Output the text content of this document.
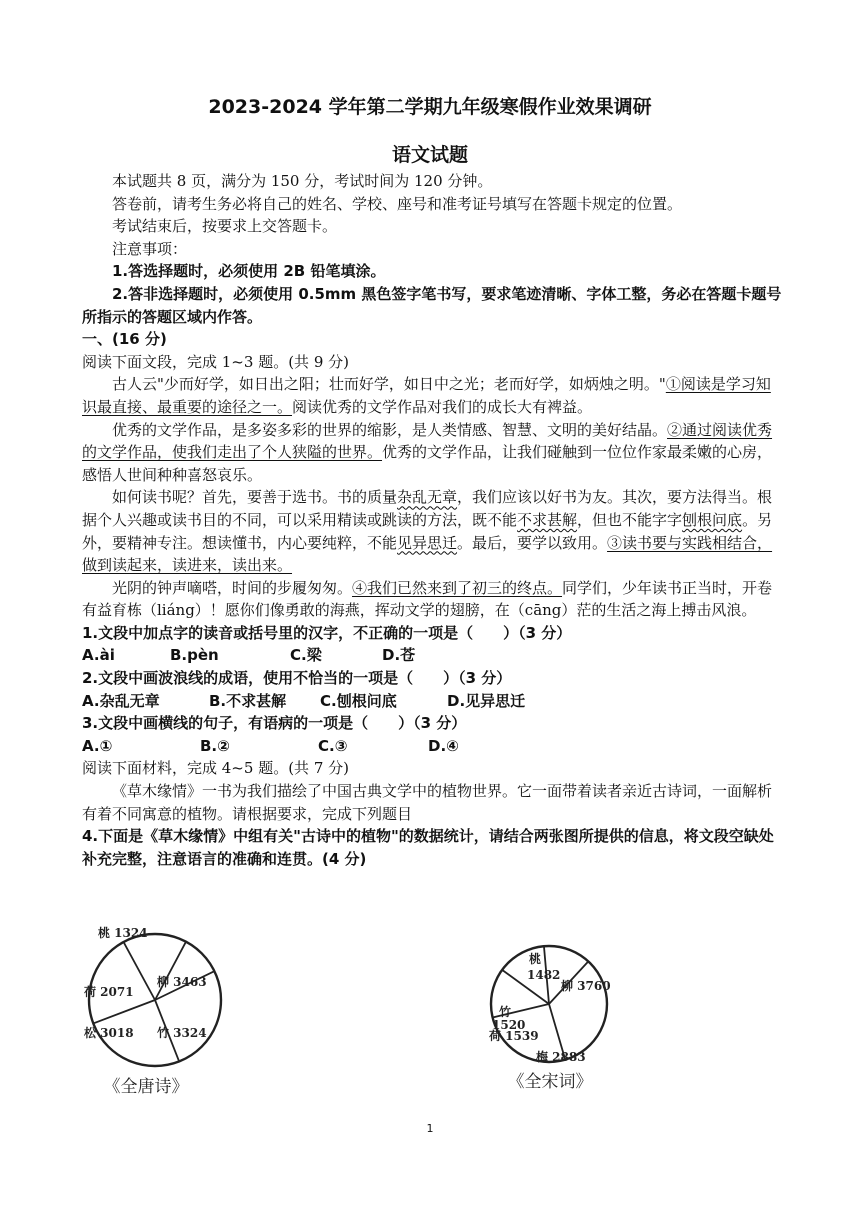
2023-2024 学年第二学期九年级寒假作业效果调研
语文试题

本试题共 8 页，满分为 150 分，考试时间为 120 分钟。

答卷前，请考生务必将自己的姓名、学校、座号和准考证号填写在答题卡规定的位置。

考试结束后，按要求上交答题卡。

注意事项：

1.答选择题时，必须使用 2B 铅笔填涂。

2.答非选择题时，必须使用 0.5mm 黑色签字笔书写，要求笔迹清晰、字体工整，务必在答题卡题号所指示的答题区域内作答。

一、(16 分)

阅读下面文段，完成 1~3 题。(共 9 分)

古人云"少而好学，如日出之阳；壮而好学，如日中之光；老而好学，如炳烛之明。"①阅读是学习知识最直接、最重要的途径之一。阅读优秀的文学作品对我们的成长大有裨益。

优秀的文学作品，是多姿多彩的世界的缩影，是人类情感、智慧、文明的美好结晶。②通过阅读优秀的文学作品，使我们走出了个人狭隘的世界。优秀的文学作品，让我们碰触到一位位作家最柔嫩的心房，感悟人世间种种喜怒哀乐。

如何读书呢？首先，要善于选书。书的质量杂乱无章，我们应该以好书为友。其次，要方法得当。根据个人兴趣或读书目的不同，可以采用精读或跳读的方法，既不能不求甚解，但也不能字字刨根问底。另外，要精神专注。想读懂书，内心要纯粹，不能见异思迁。最后，要学以致用。③读书要与实践相结合，做到读起来，读进来，读出来。

光阴的钟声嘀嗒，时间的步履匆匆。④我们已然来到了初三的终点。同学们，少年读书正当时，开卷有益育栋（liáng）！愿你们像勇敢的海燕，挥动文学的翅膀，在（cāng）茫的生活之海上搏击风浪。

1.文段中加点字的读音或括号里的汉字，不正确的一项是（　　）（3 分）

A.ài	B.pèn	C.梁	D.苍

2.文段中画波浪线的成语，使用不恰当的一项是（　　）（3 分）

A.杂乱无章	B.不求甚解	C.刨根问底	D.见异思迁

3.文段中画横线的句子，有语病的一项是（　　）（3 分）

A.①	B.②	C.③	D.④

阅读下面材料，完成 4~5 题。(共 7 分)

《草木缘情》一书为我们描绘了中国古典文学中的植物世界。它一面带着读者亲近古诗词，一面解析有着不同寓意的植物。请根据要求，完成下列题目

4.下面是《草木缘情》中组有关"古诗中的植物"的数据统计，请结合两张图所提供的信息，将文段空缺处补充完整，注意语言的准确和连贯。(4 分)

桃 1324
柳 3463
竹 3324
松 3018
荷 2071
《全唐诗》
桃
1482
柳 3760
梅 2883
荷 1539
竹
1520
《全宋词》
1
